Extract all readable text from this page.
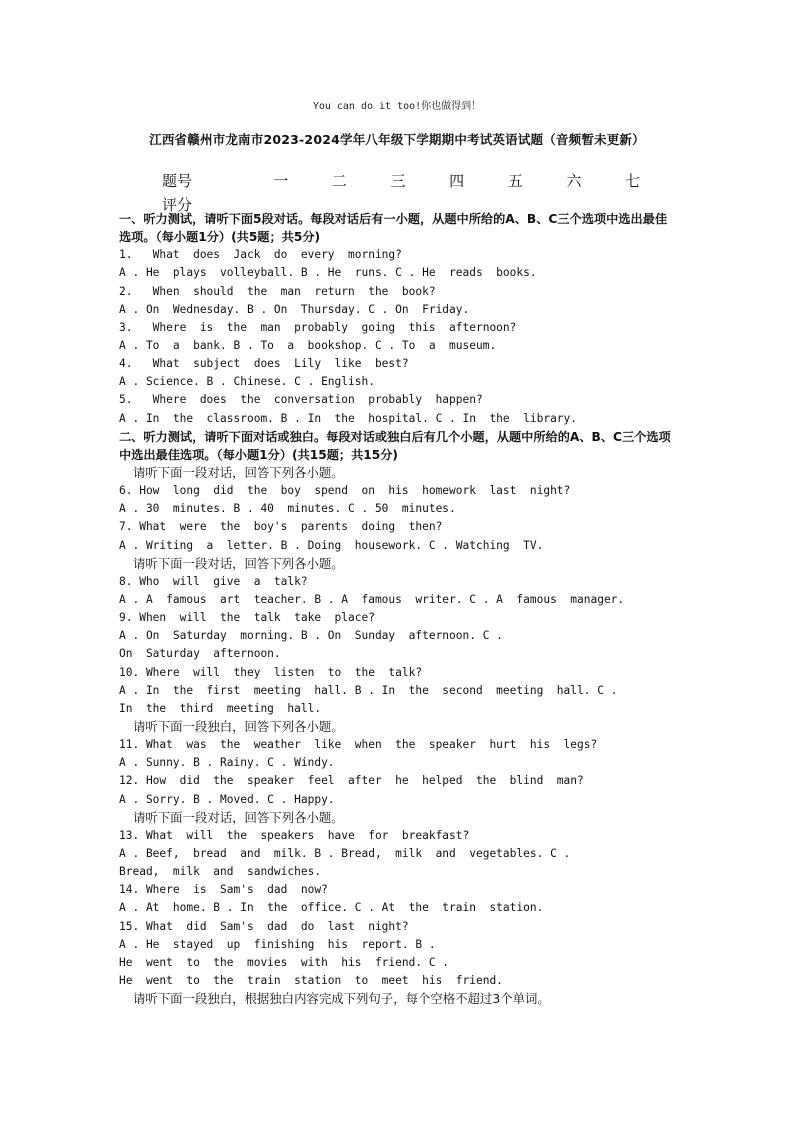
You can do it too!你也做得到！
江西省赣州市龙南市2023-2024学年八年级下学期期中考试英语试题（音频暂未更新）
题号	一	二	三	四	五	六	七
评分
一、听力测试，请听下面5段对话。每段对话后有一小题，从题中所给的A、B、C三个选项中选出最佳选项。（每小题1分）(共5题；共5分)
1.   What  does  Jack  do  every  morning?
A . He  plays  volleyball. B . He  runs. C . He  reads  books.
2.   When  should  the  man  return  the  book?
A . On  Wednesday. B . On  Thursday. C . On  Friday.
3.   Where  is  the  man  probably  going  this  afternoon?
A . To  a  bank. B . To  a  bookshop. C . To  a  museum.
4.   What  subject  does  Lily  like  best?
A . Science. B . Chinese. C . English.
5.   Where  does  the  conversation  probably  happen?
A . In  the  classroom. B . In  the  hospital. C . In  the  library.
二、听力测试，请听下面对话或独白。每段对话或独白后有几个小题，从题中所给的A、B、C三个选项中选出最佳选项。（每小题1分）(共15题；共15分)
请听下面一段对话，回答下列各小题。
6. How  long  did  the  boy  spend  on  his  homework  last  night?
A . 30  minutes. B . 40  minutes. C . 50  minutes.
7. What  were  the  boy's  parents  doing  then?
A . Writing  a  letter. B . Doing  housework. C . Watching  TV.
请听下面一段对话，回答下列各小题。
8. Who  will  give  a  talk?
A . A  famous  art  teacher. B . A  famous  writer. C . A  famous  manager.
9. When  will  the  talk  take  place?
A . On  Saturday  morning. B . On  Sunday  afternoon. C .
On  Saturday  afternoon.
10. Where  will  they  listen  to  the  talk?
A . In  the  first  meeting  hall. B . In  the  second  meeting  hall. C .
In  the  third  meeting  hall.
请听下面一段独白，回答下列各小题。
11. What  was  the  weather  like  when  the  speaker  hurt  his  legs?
A . Sunny. B . Rainy. C . Windy.
12. How  did  the  speaker  feel  after  he  helped  the  blind  man?
A . Sorry. B . Moved. C . Happy.
请听下面一段对话，回答下列各小题。
13. What  will  the  speakers  have  for  breakfast?
A . Beef,  bread  and  milk. B . Bread,  milk  and  vegetables. C .
Bread,  milk  and  sandwiches.
14. Where  is  Sam's  dad  now?
A . At  home. B . In  the  office. C . At  the  train  station.
15. What  did  Sam's  dad  do  last  night?
A . He  stayed  up  finishing  his  report. B .
He  went  to  the  movies  with  his  friend. C .
He  went  to  the  train  station  to  meet  his  friend.
请听下面一段独白，根据独白内容完成下列句子，每个空格不超过3个单词。
